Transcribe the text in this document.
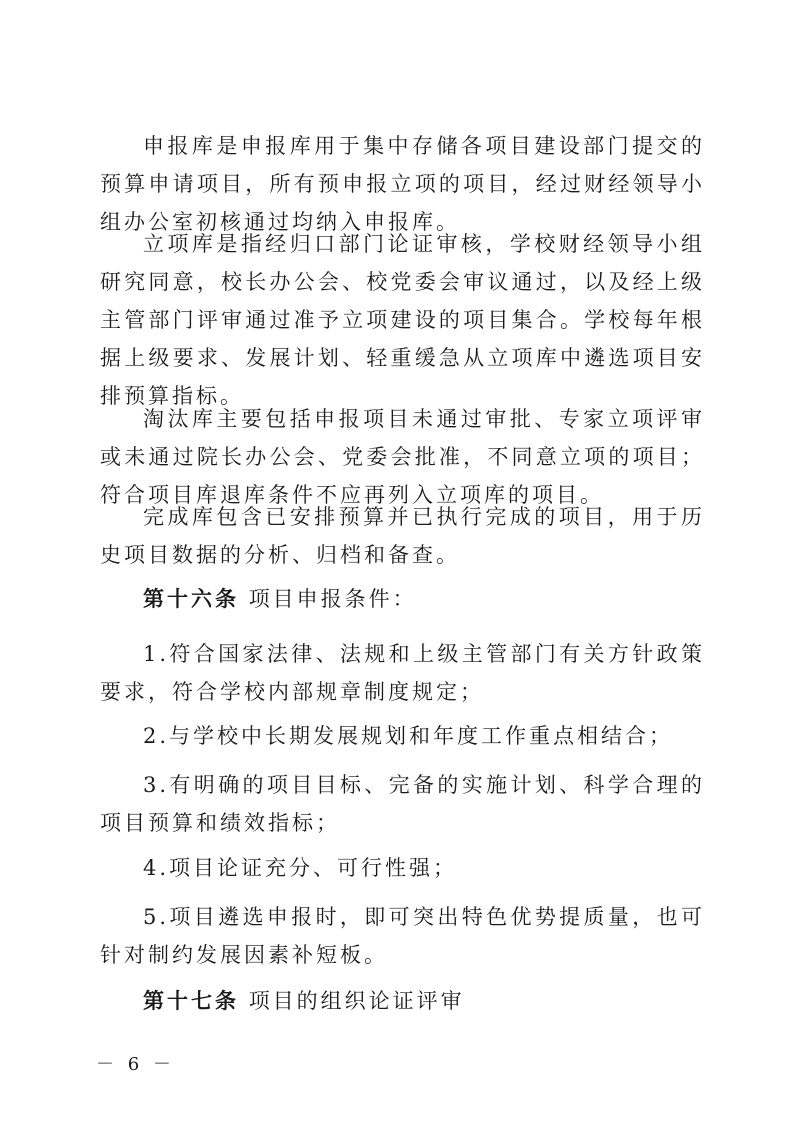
申报库是申报库用于集中存储各项目建设部门提交的预算申请项目，所有预申报立项的项目，经过财经领导小组办公室初核通过均纳入申报库。

立项库是指经归口部门论证审核，学校财经领导小组研究同意，校长办公会、校党委会审议通过，以及经上级主管部门评审通过准予立项建设的项目集合。学校每年根据上级要求、发展计划、轻重缓急从立项库中遴选项目安排预算指标。

淘汰库主要包括申报项目未通过审批、专家立项评审或未通过院长办公会、党委会批准，不同意立项的项目；符合项目库退库条件不应再列入立项库的项目。

完成库包含已安排预算并已执行完成的项目，用于历史项目数据的分析、归档和备查。

第十六条 项目申报条件：

1.符合国家法律、法规和上级主管部门有关方针政策要求，符合学校内部规章制度规定；

2.与学校中长期发展规划和年度工作重点相结合；

3.有明确的项目目标、完备的实施计划、科学合理的项目预算和绩效指标；

4.项目论证充分、可行性强；

5.项目遴选申报时，即可突出特色优势提质量，也可针对制约发展因素补短板。

第十七条 项目的组织论证评审

－ 6 －
